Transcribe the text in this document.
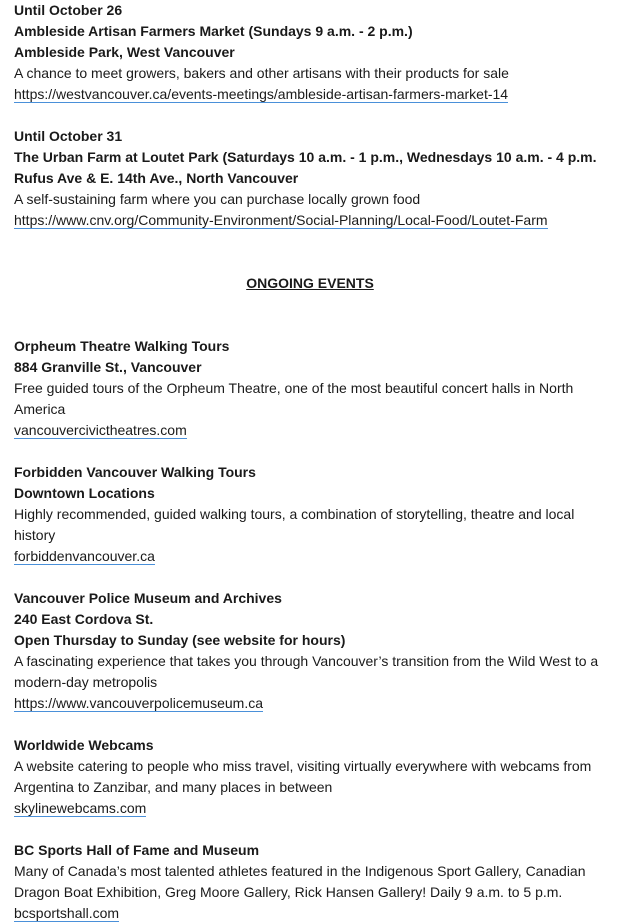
Until October 26
Ambleside Artisan Farmers Market (Sundays 9 a.m. - 2 p.m.)
Ambleside Park, West Vancouver
A chance to meet growers, bakers and other artisans with their products for sale
https://westvancouver.ca/events-meetings/ambleside-artisan-farmers-market-14
Until October 31
The Urban Farm at Loutet Park (Saturdays 10 a.m. - 1 p.m., Wednesdays 10 a.m. - 4 p.m.
Rufus Ave & E. 14th Ave., North Vancouver
A self-sustaining farm where you can purchase locally grown food
https://www.cnv.org/Community-Environment/Social-Planning/Local-Food/Loutet-Farm
ONGOING EVENTS
Orpheum Theatre Walking Tours
884 Granville St., Vancouver
Free guided tours of the Orpheum Theatre, one of the most beautiful concert halls in North
America
vancouvercivictheatres.com
Forbidden Vancouver Walking Tours
Downtown Locations
Highly recommended, guided walking tours, a combination of storytelling, theatre and local
history
forbiddenvancouver.ca
Vancouver Police Museum and Archives
240 East Cordova St.
Open Thursday to Sunday (see website for hours)
A fascinating experience that takes you through Vancouver’s transition from the Wild West to a
modern-day metropolis
https://www.vancouverpolicemuseum.ca
Worldwide Webcams
A website catering to people who miss travel, visiting virtually everywhere with webcams from
Argentina to Zanzibar, and many places in between
skylinewebcams.com
BC Sports Hall of Fame and Museum
Many of Canada’s most talented athletes featured in the Indigenous Sport Gallery, Canadian
Dragon Boat Exhibition, Greg Moore Gallery, Rick Hansen Gallery! Daily 9 a.m. to 5 p.m.
bcsportshall.com
